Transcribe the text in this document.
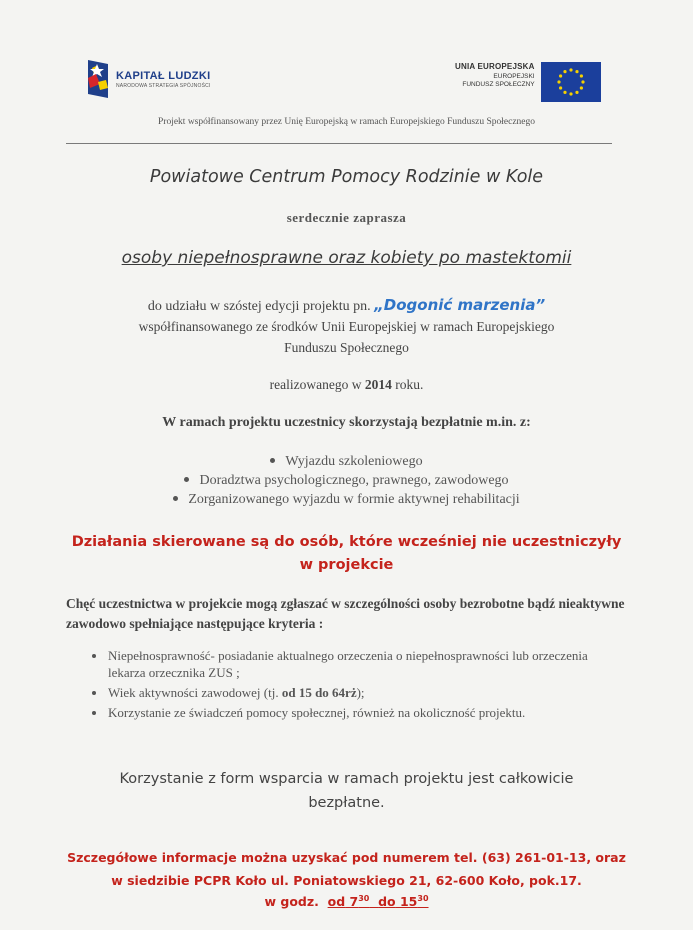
KAPITAŁ LUDZKI
NARODOWA STRATEGIA SPÓJNOŚCI
UNIA EUROPEJSKA
EUROPEJSKI
FUNDUSZ SPOŁECZNY
Projekt współfinansowany przez Unię Europejską w ramach Europejskiego Funduszu Społecznego
Powiatowe Centrum Pomocy Rodzinie w Kole
serdecznie zaprasza
osoby niepełnosprawne oraz kobiety po mastektomii
do udziału w szóstej edycji projektu pn. „Dogonić marzenia”
współfinansowanego ze środków Unii Europejskiej w ramach Europejskiego
Funduszu Społecznego
realizowanego w 2014 roku.
W ramach projektu uczestnicy skorzystają bezpłatnie m.in. z:
Wyjazdu szkoleniowego
Doradztwa psychologicznego, prawnego, zawodowego
Zorganizowanego wyjazdu w formie aktywnej rehabilitacji
Działania skierowane są do osób, które wcześniej nie uczestniczyły
w projekcie
Chęć uczestnictwa w projekcie mogą zgłaszać w szczególności osoby bezrobotne bądź nieaktywne zawodowo spełniające następujące kryteria :
Niepełnosprawność- posiadanie aktualnego orzeczenia o niepełnosprawności lub orzeczenia lekarza orzecznika ZUS ;
Wiek aktywności zawodowej (tj. od 15 do 64rż);
Korzystanie ze świadczeń pomocy społecznej, również na okoliczność projektu.
Korzystanie z form wsparcia w ramach projektu jest całkowicie
bezpłatne.
Szczegółowe informacje można uzyskać pod numerem tel. (63) 261-01-13, oraz
w siedzibie PCPR Koło ul. Poniatowskiego 21, 62-600 Koło, pok.17.
w godz. od $7^{30}$ do $15^{30}$
